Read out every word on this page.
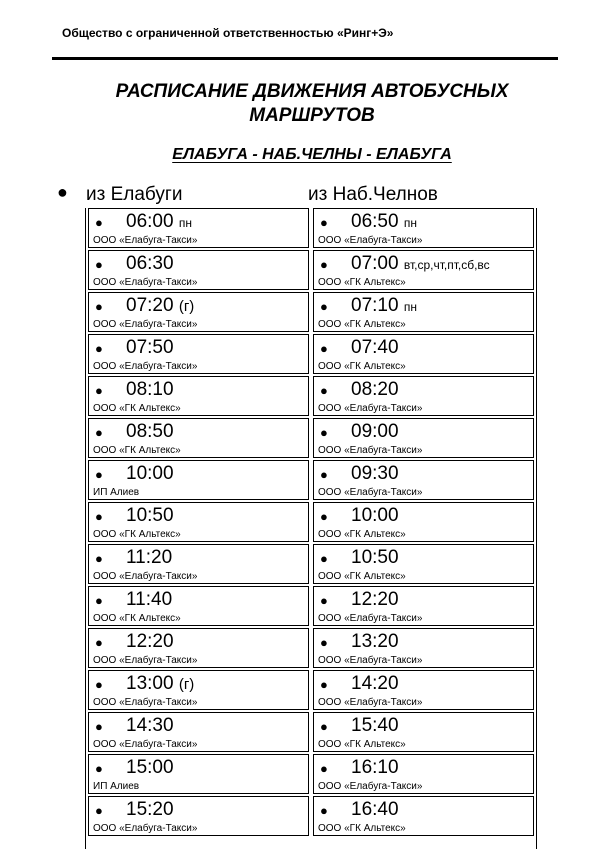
Общество с ограниченной ответственностью «Ринг+Э»
РАСПИСАНИЕ ДВИЖЕНИЯ АВТОБУСНЫХ
МАРШРУТОВ
ЕЛАБУГА - НАБ.ЧЕЛНЫ - ЕЛАБУГА
● из Елабуги	из Наб.Челнов
● 06:00 пн
ООО «Елабуга-Такси»
● 06:50 пн
ООО «Елабуга-Такси»
● 06:30
ООО «Елабуга-Такси»
● 07:00 вт,ср,чт,пт,сб,вс
ООО «ГК Альтекс»
● 07:20 (г)
ООО «Елабуга-Такси»
● 07:10 пн
ООО «ГК Альтекс»
● 07:50
ООО «Елабуга-Такси»
● 07:40
ООО «ГК Альтекс»
● 08:10
ООО «ГК Альтекс»
● 08:20
ООО «Елабуга-Такси»
● 08:50
ООО «ГК Альтекс»
● 09:00
ООО «Елабуга-Такси»
● 10:00
ИП Алиев
● 09:30
ООО «Елабуга-Такси»
● 10:50
ООО «ГК Альтекс»
● 10:00
ООО «ГК Альтекс»
● 11:20
ООО «Елабуга-Такси»
● 10:50
ООО «ГК Альтекс»
● 11:40
ООО «ГК Альтекс»
● 12:20
ООО «Елабуга-Такси»
● 12:20
ООО «Елабуга-Такси»
● 13:20
ООО «Елабуга-Такси»
● 13:00 (г)
ООО «Елабуга-Такси»
● 14:20
ООО «Елабуга-Такси»
● 14:30
ООО «Елабуга-Такси»
● 15:40
ООО «ГК Альтекс»
● 15:00
ИП Алиев
● 16:10
ООО «Елабуга-Такси»
● 15:20
ООО «Елабуга-Такси»
● 16:40
ООО «ГК Альтекс»
